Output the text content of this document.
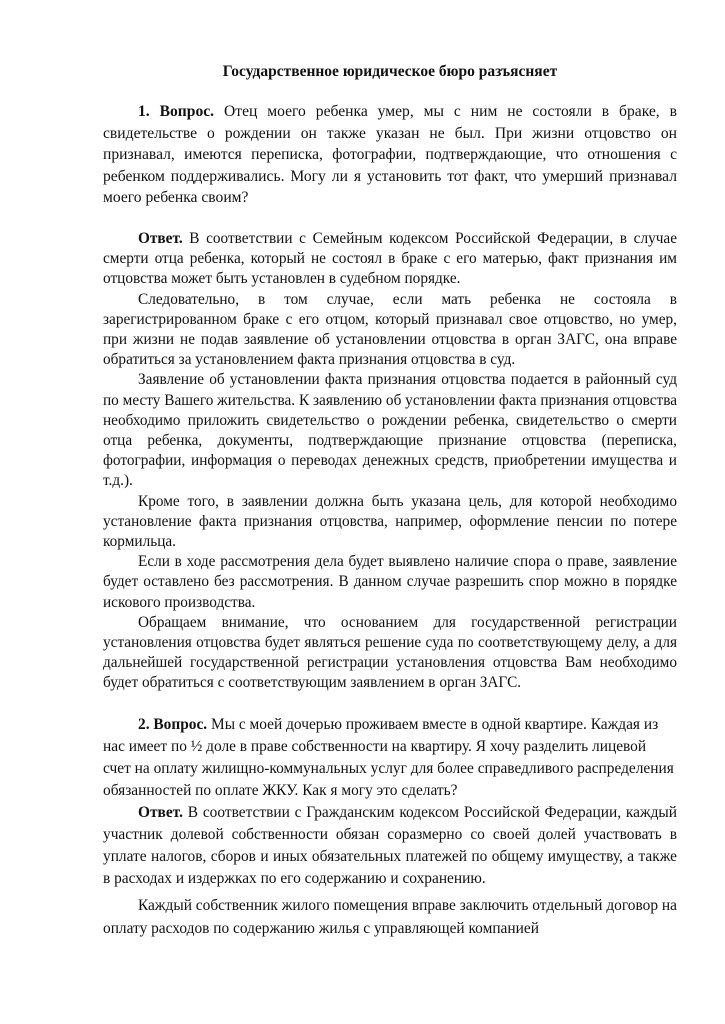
Государственное юридическое бюро разъясняет

1. Вопрос. Отец моего ребенка умер, мы с ним не состояли в браке, в свидетельстве о рождении он также указан не был. При жизни отцовство он признавал, имеются переписка, фотографии, подтверждающие, что отношения с ребенком поддерживались. Могу ли я установить тот факт, что умерший признавал моего ребенка своим?

Ответ. В соответствии с Семейным кодексом Российской Федерации, в случае смерти отца ребенка, который не состоял в браке с его матерью, факт признания им отцовства может быть установлен в судебном порядке.

Следовательно, в том случае, если мать ребенка не состояла в зарегистрированном браке с его отцом, который признавал свое отцовство, но умер, при жизни не подав заявление об установлении отцовства в орган ЗАГС, она вправе обратиться за установлением факта признания отцовства в суд.

Заявление об установлении факта признания отцовства подается в районный суд по месту Вашего жительства. К заявлению об установлении факта признания отцовства необходимо приложить свидетельство о рождении ребенка, свидетельство о смерти отца ребенка, документы, подтверждающие признание отцовства (переписка, фотографии, информация о переводах денежных средств, приобретении имущества и т.д.).

Кроме того, в заявлении должна быть указана цель, для которой необходимо установление факта признания отцовства, например, оформление пенсии по потере кормильца.

Если в ходе рассмотрения дела будет выявлено наличие спора о праве, заявление будет оставлено без рассмотрения. В данном случае разрешить спор можно в порядке искового производства.

Обращаем внимание, что основанием для государственной регистрации установления отцовства будет являться решение суда по соответствующему делу, а для дальнейшей государственной регистрации установления отцовства Вам необходимо будет обратиться с соответствующим заявлением в орган ЗАГС.

2. Вопрос. Мы с моей дочерью проживаем вместе в одной квартире. Каждая из нас имеет по ½ доле в праве собственности на квартиру. Я хочу разделить лицевой счет на оплату жилищно-коммунальных услуг для более справедливого распределения обязанностей по оплате ЖКУ. Как я могу это сделать?

Ответ. В соответствии с Гражданским кодексом Российской Федерации, каждый участник долевой собственности обязан соразмерно со своей долей участвовать в уплате налогов, сборов и иных обязательных платежей по общему имуществу, а также в расходах и издержках по его содержанию и сохранению.

Каждый собственник жилого помещения вправе заключить отдельный договор на оплату расходов по содержанию жилья с управляющей компанией
